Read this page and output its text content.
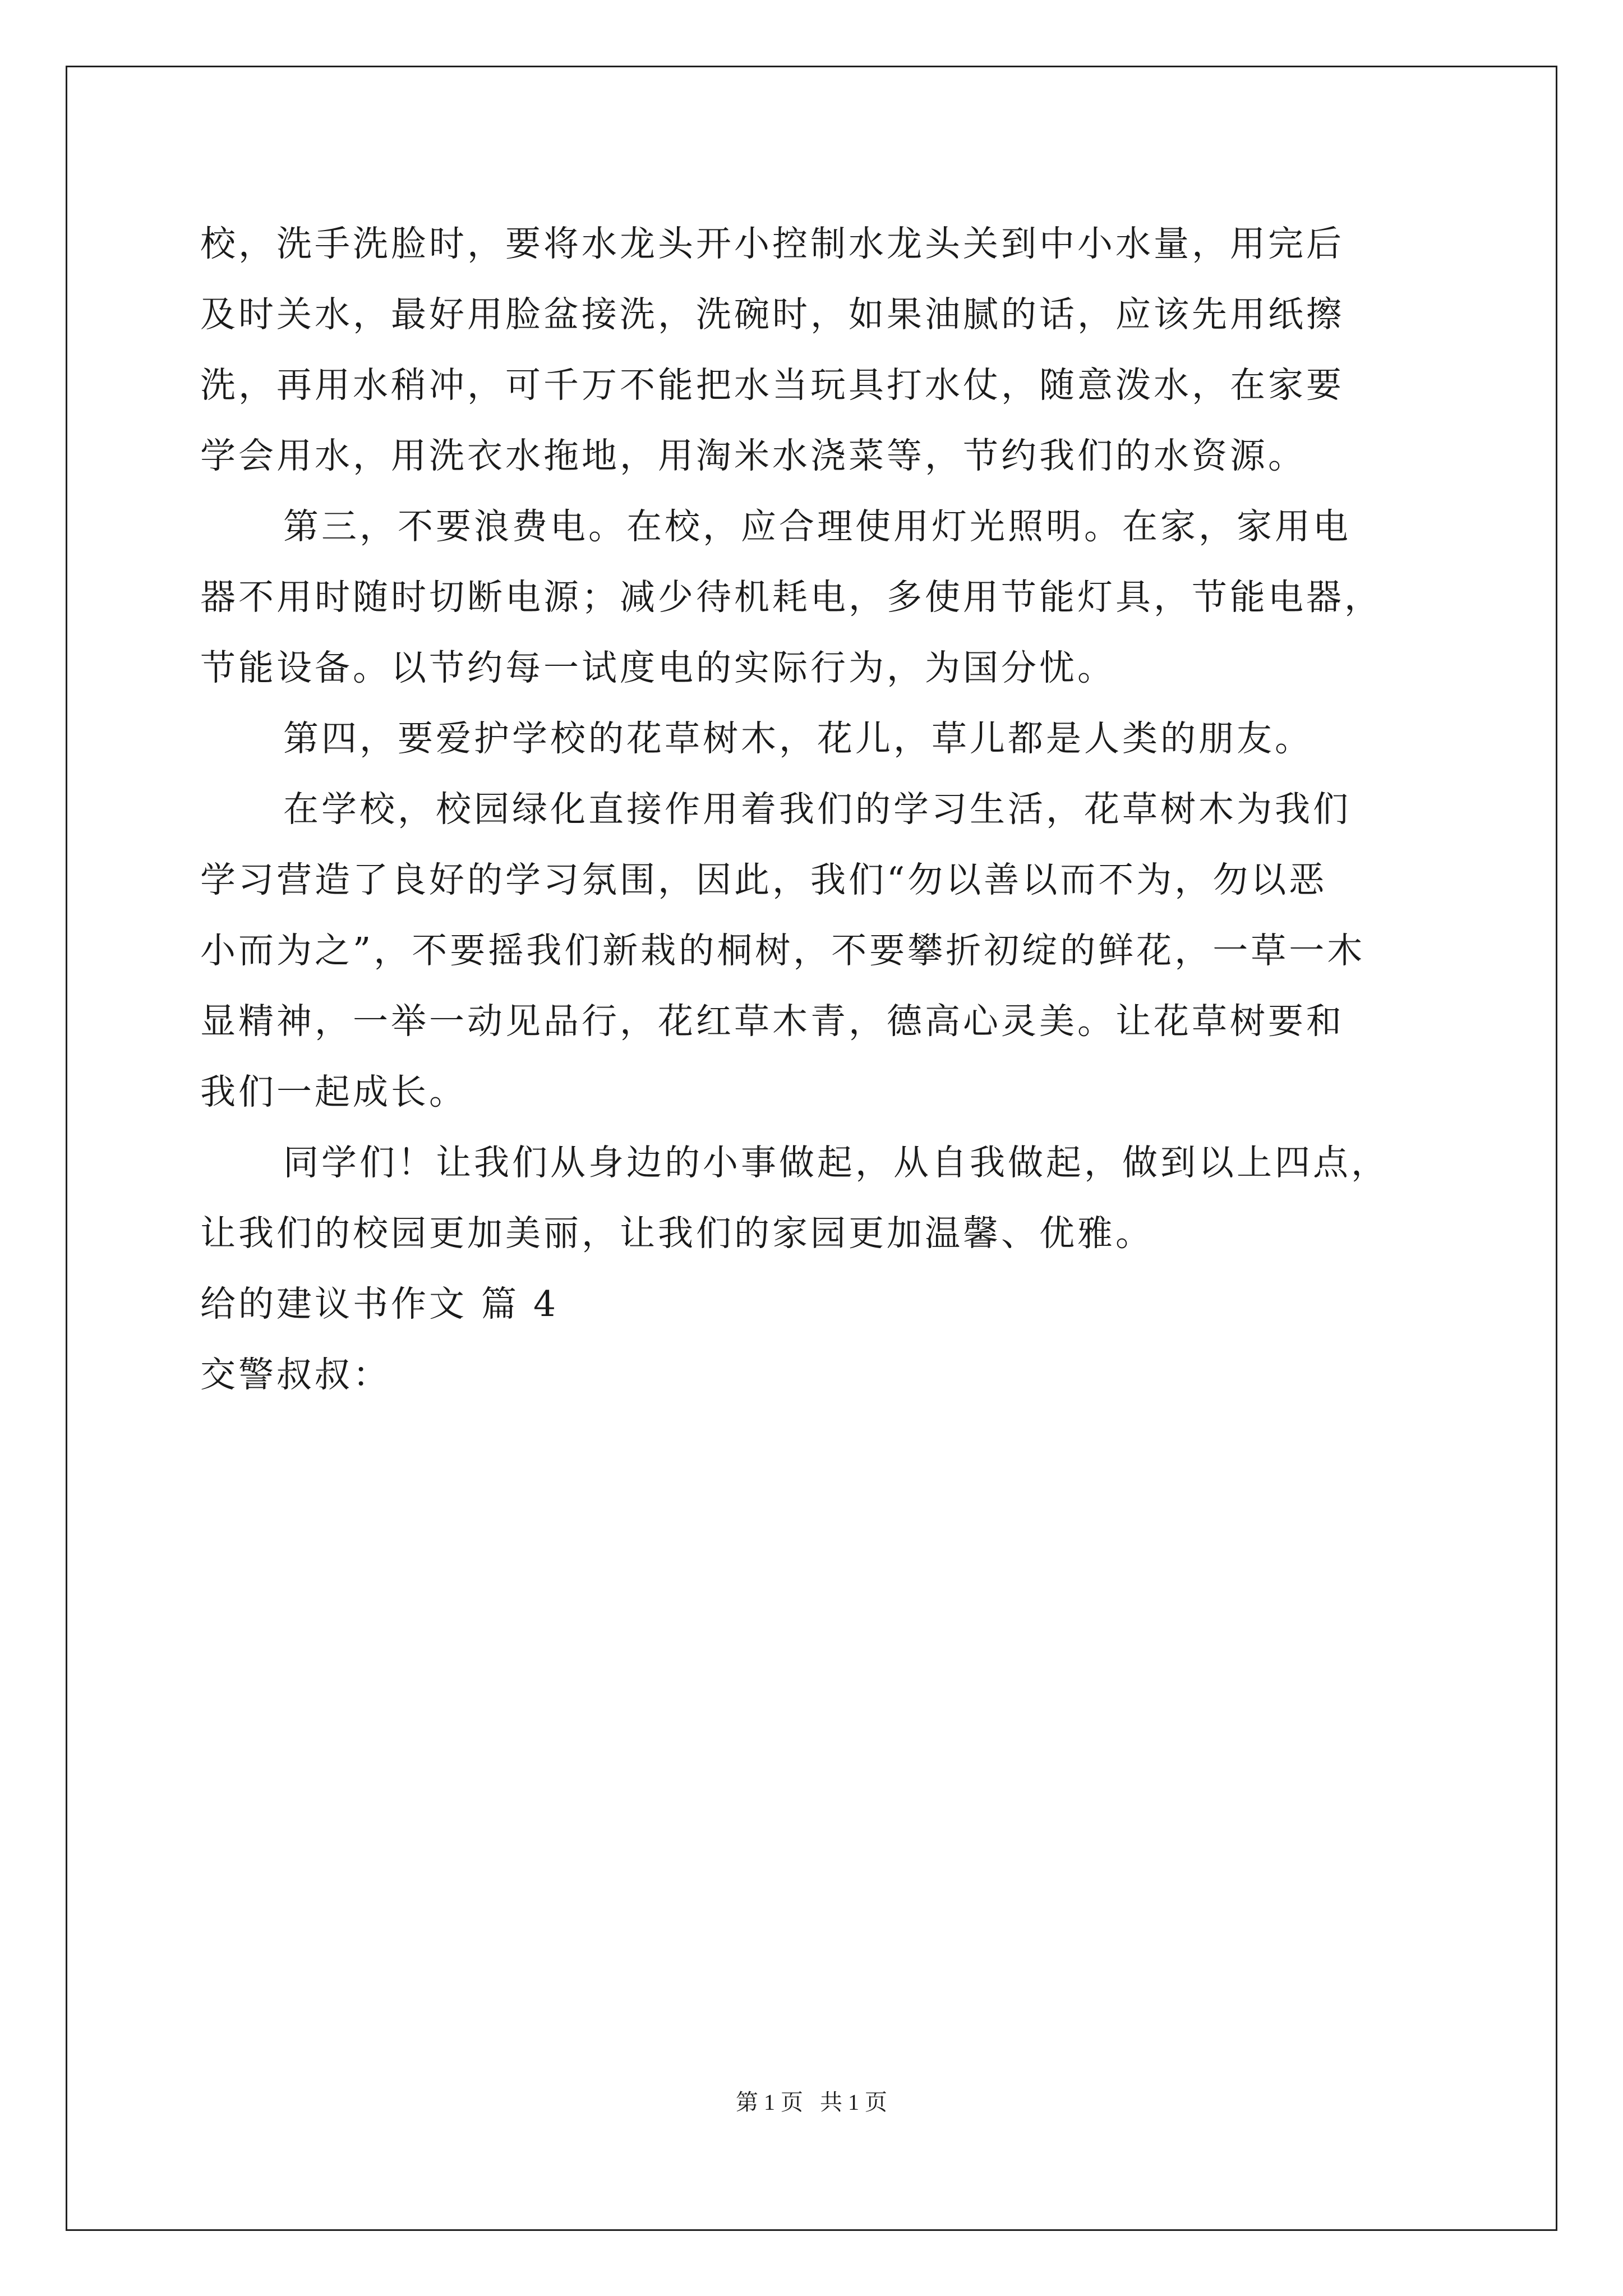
校，洗手洗脸时，要将水龙头开小控制水龙头关到中小水量，用完后

及时关水，最好用脸盆接洗，洗碗时，如果油腻的话，应该先用纸擦

洗，再用水稍冲，可千万不能把水当玩具打水仗，随意泼水，在家要

学会用水，用洗衣水拖地，用淘米水浇菜等，节约我们的水资源。

第三，不要浪费电。在校，应合理使用灯光照明。在家，家用电

器不用时随时切断电源；减少待机耗电，多使用节能灯具，节能电器，

节能设备。以节约每一试度电的实际行为，为国分忧。

第四，要爱护学校的花草树木，花儿，草儿都是人类的朋友。

在学校，校园绿化直接作用着我们的学习生活，花草树木为我们

学习营造了良好的学习氛围，因此，我们“勿以善以而不为，勿以恶

小而为之”，不要摇我们新栽的桐树，不要攀折初绽的鲜花，一草一木

显精神，一举一动见品行，花红草木青，德高心灵美。让花草树要和

我们一起成长。

同学们！让我们从身边的小事做起，从自我做起，做到以上四点，

让我们的校园更加美丽，让我们的家园更加温馨、优雅。

给的建议书作文 篇 4

交警叔叔：

第 1 页   共 1 页
